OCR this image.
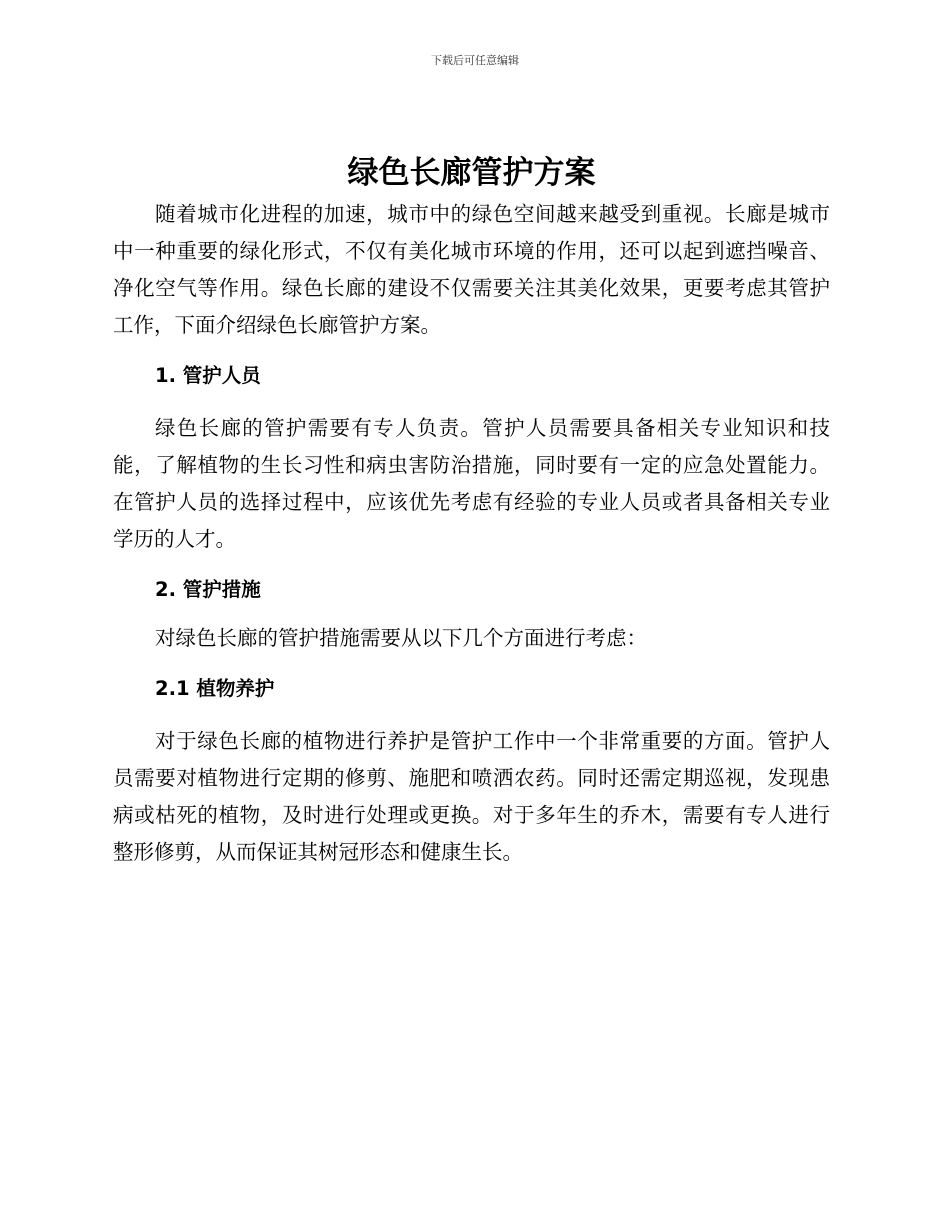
下载后可任意编辑
绿色长廊管护方案

随着城市化进程的加速，城市中的绿色空间越来越受到重视。长廊是城市中一种重要的绿化形式，不仅有美化城市环境的作用，还可以起到遮挡噪音、净化空气等作用。绿色长廊的建设不仅需要关注其美化效果，更要考虑其管护工作，下面介绍绿色长廊管护方案。

1. 管护人员

绿色长廊的管护需要有专人负责。管护人员需要具备相关专业知识和技能，了解植物的生长习性和病虫害防治措施，同时要有一定的应急处置能力。在管护人员的选择过程中，应该优先考虑有经验的专业人员或者具备相关专业学历的人才。

2. 管护措施

对绿色长廊的管护措施需要从以下几个方面进行考虑：

2.1 植物养护

对于绿色长廊的植物进行养护是管护工作中一个非常重要的方面。管护人员需要对植物进行定期的修剪、施肥和喷洒农药。同时还需定期巡视，发现患病或枯死的植物，及时进行处理或更换。对于多年生的乔木，需要有专人进行整形修剪，从而保证其树冠形态和健康生长。
